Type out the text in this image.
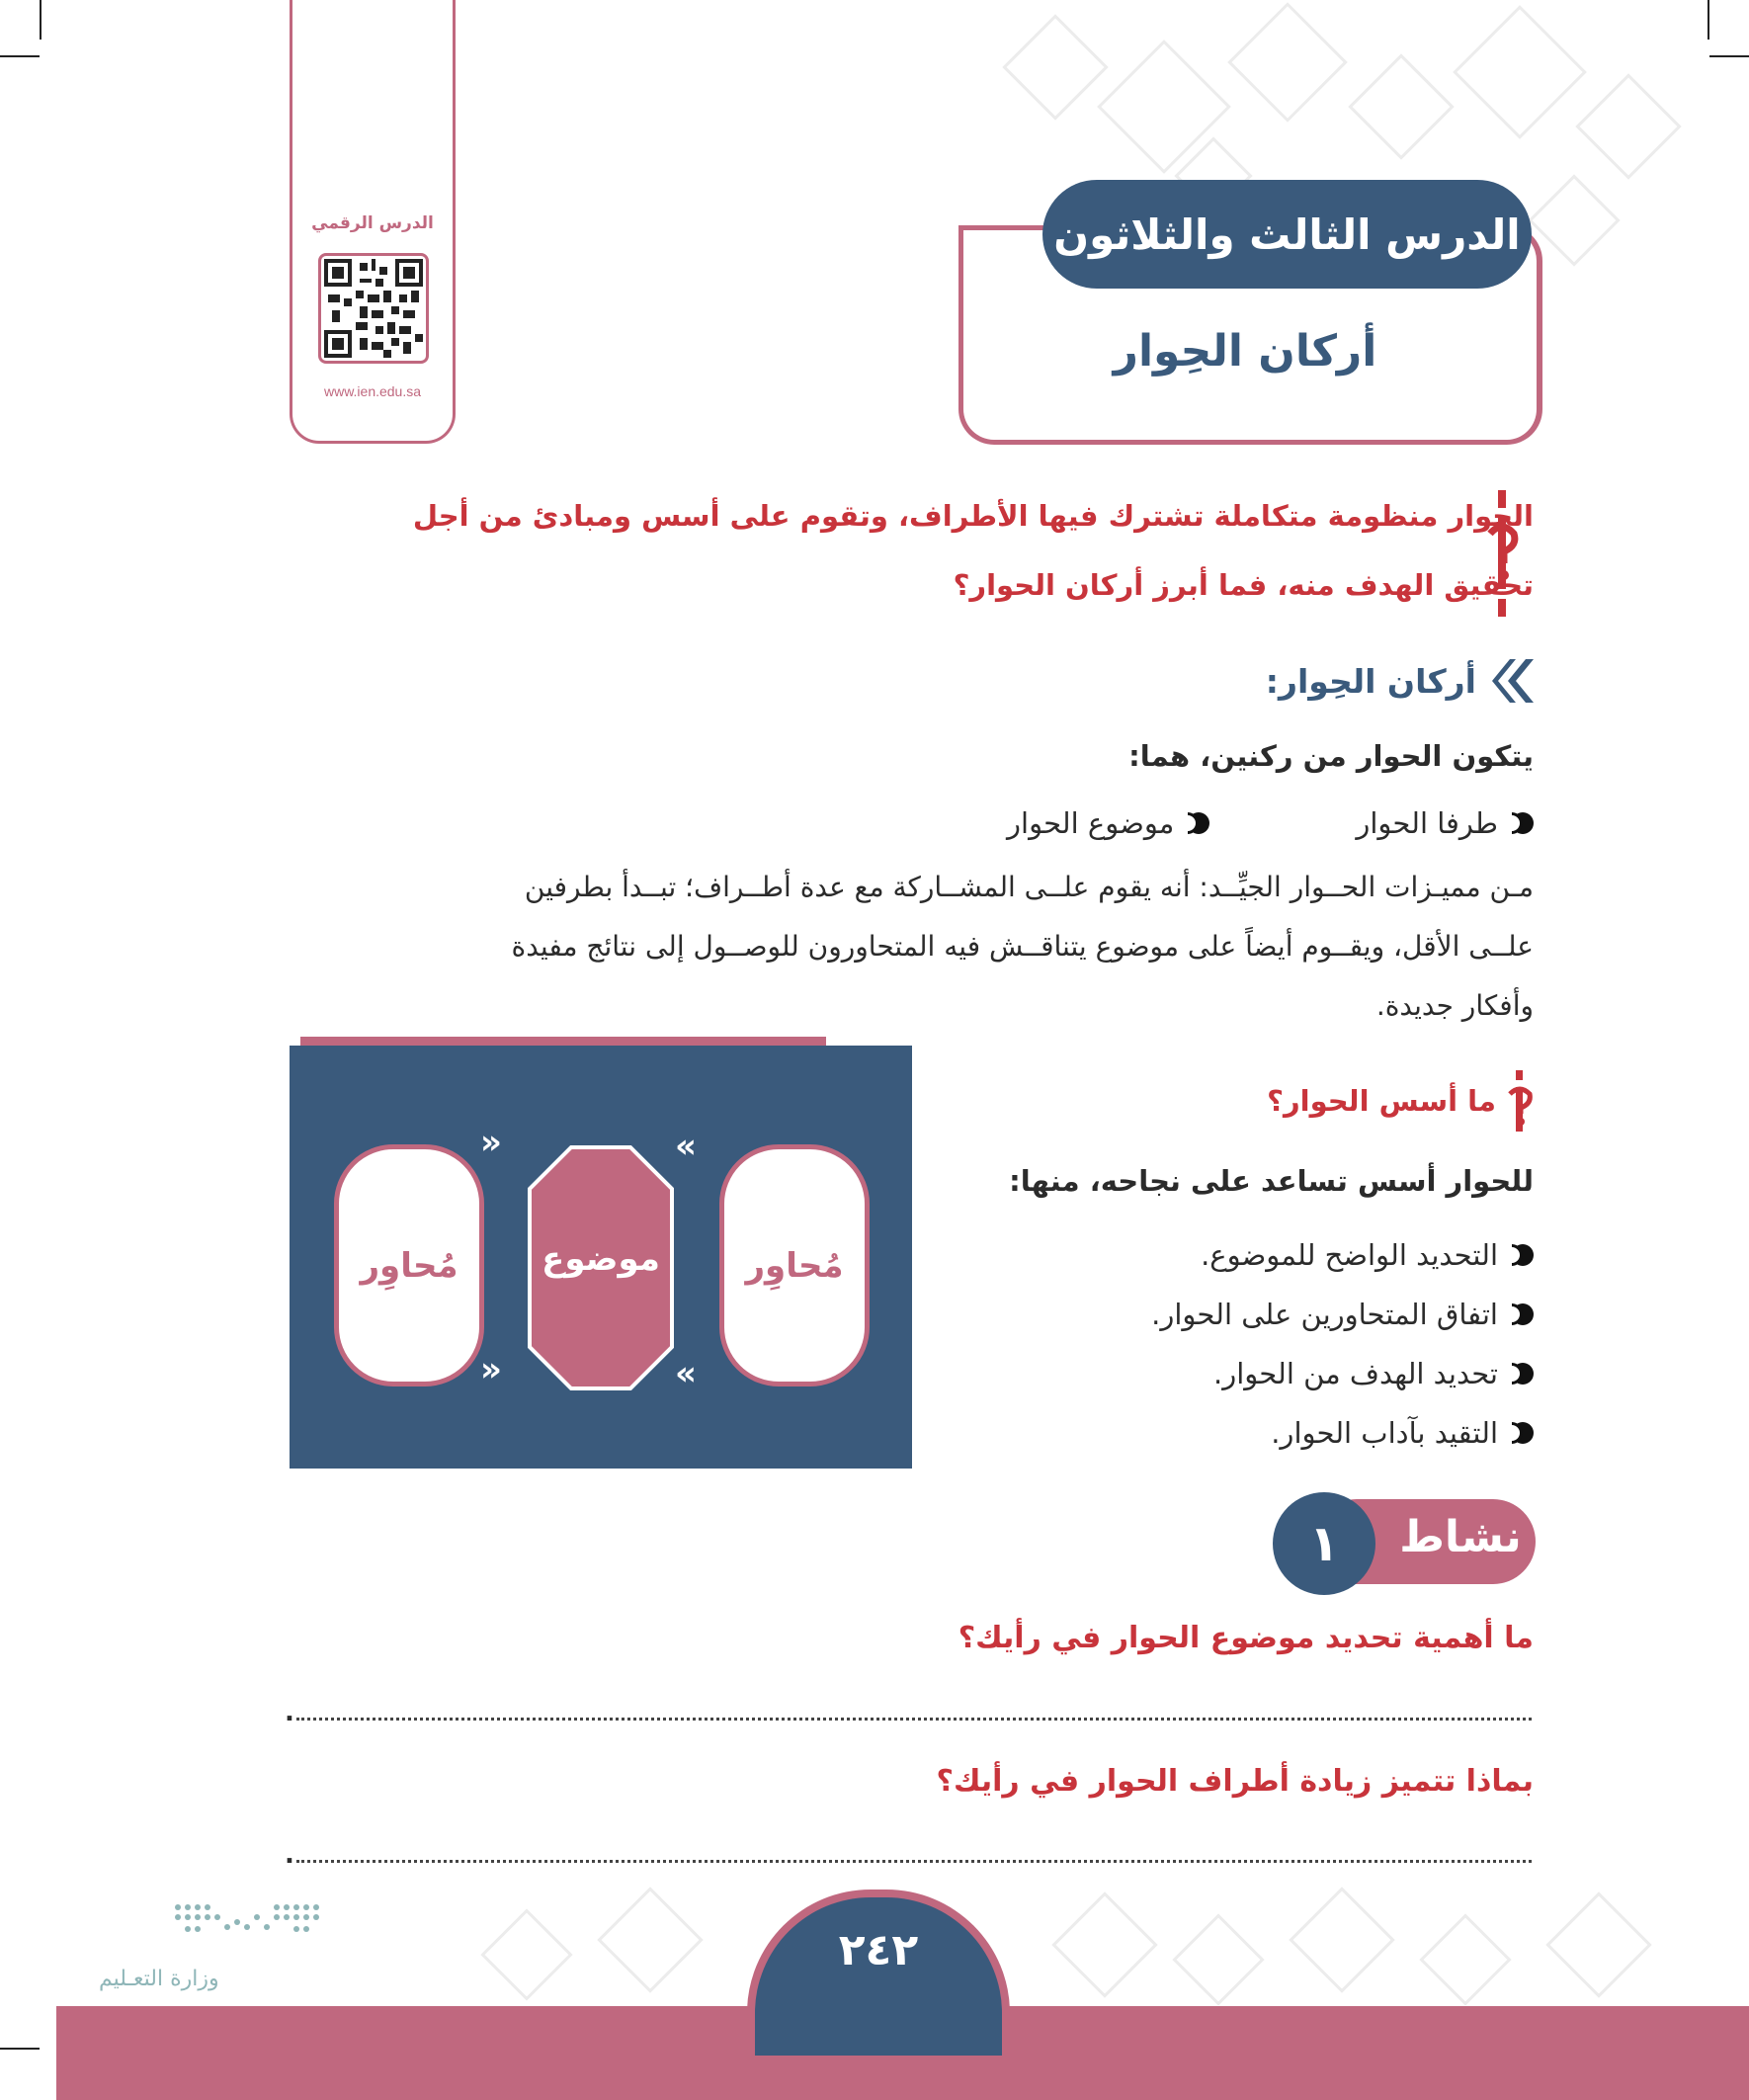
الدرس الرقمي
www.ien.edu.sa
الدرس الثالث والثلاثون
أركان الحِوار
الحوار منظومة متكاملة تشترك فيها الأطراف، وتقوم على أسس ومبادئ من أجل
تحقيق الهدف منه، فما أبرز أركان الحوار؟
أركان الحِوار:
يتكون الحوار من ركنين، هما:
طرفا الحوار
موضوع الحوار
مـن مميـزات الحــوار الجيِّــد: أنه يقوم علــى المشــاركة مع عدة أطــراف؛ تبــدأ بطرفين
علــى الأقل، ويقــوم أيضاً على موضوع يتناقــش فيه المتحاورون للوصــول إلى نتائج مفيدة
وأفكار جديدة.
مُحاوِر	موضوع	مُحاوِر
»	«
»	«
ما أسس الحوار؟
للحوار أسس تساعد على نجاحه، منها:
التحديد الواضح للموضوع.
اتفاق المتحاورين على الحوار.
تحديد الهدف من الحوار.
التقيد بآداب الحوار.
نشاط
١
ما أهمية تحديد موضوع الحوار في رأيك؟
.
بماذا تتميز زيادة أطراف الحوار في رأيك؟
.
٢٤٢
وزارة التعـليم
